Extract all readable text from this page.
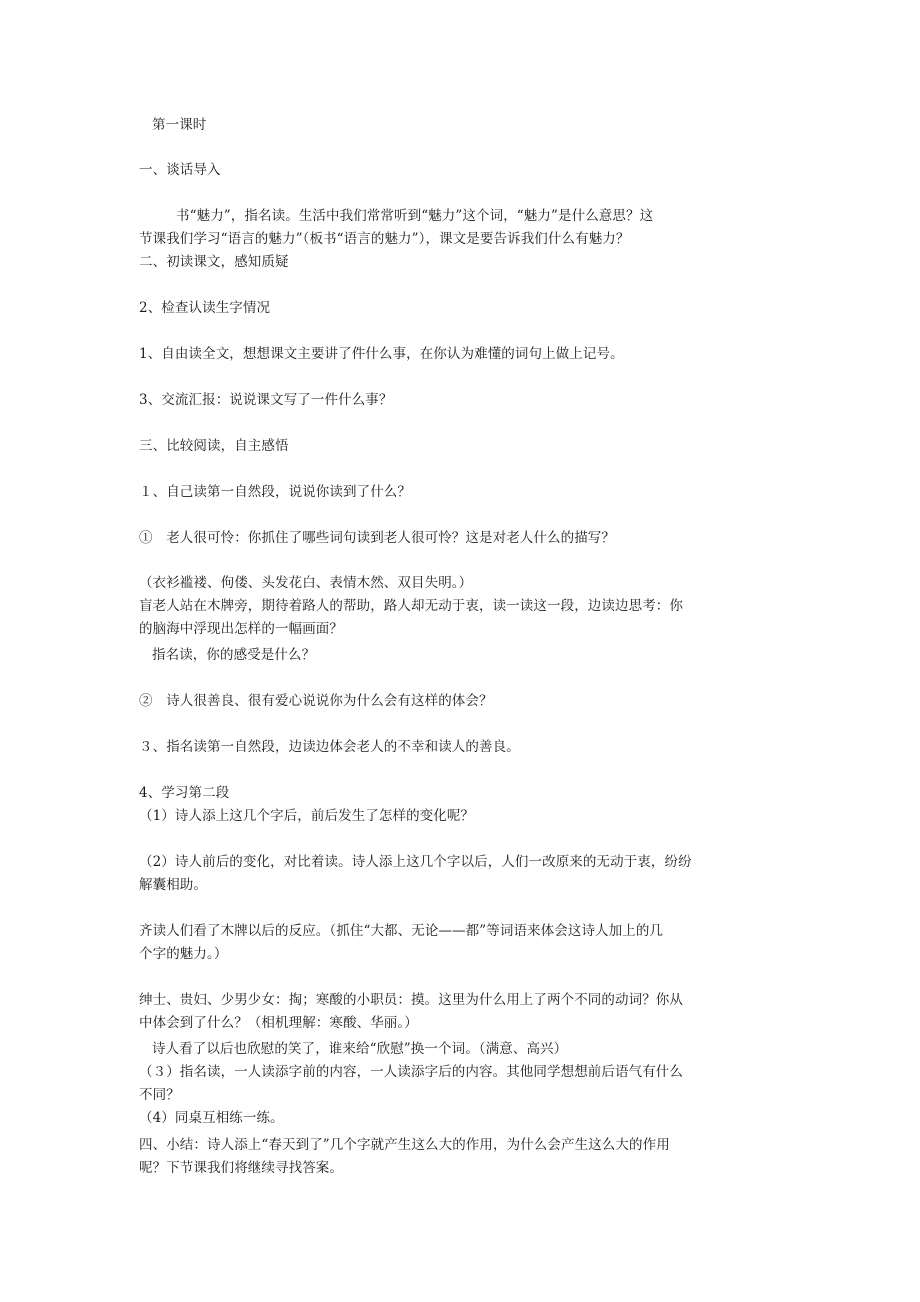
第一课时
一、谈话导入
书“魅力”，指名读。生活中我们常常听到“魅力”这个词，“魅力”是什么意思？这
节课我们学习“语言的魅力”（板书“语言的魅力”），课文是要告诉我们什么有魅力？
二、初读课文，感知质疑
2、检查认读生字情况
1、自由读全文，想想课文主要讲了件什么事，在你认为难懂的词句上做上记号。
3、交流汇报：说说课文写了一件什么事？
三、比较阅读，自主感悟
１、自己读第一自然段，说说你读到了什么？
①　老人很可怜：你抓住了哪些词句读到老人很可怜？这是对老人什么的描写？
（衣衫褴褛、佝偻、头发花白、表情木然、双目失明。）
盲老人站在木牌旁，期待着路人的帮助，路人却无动于衷，读一读这一段，边读边思考：你
的脑海中浮现出怎样的一幅画面？
指名读，你的感受是什么？
②　诗人很善良、很有爱心说说你为什么会有这样的体会？
３、指名读第一自然段，边读边体会老人的不幸和读人的善良。
4、学习第二段
（1）诗人添上这几个字后，前后发生了怎样的变化呢？
（2）诗人前后的变化，对比着读。诗人添上这几个字以后，人们一改原来的无动于衷，纷纷
解囊相助。
齐读人们看了木牌以后的反应。（抓住“大都、无论——都”等词语来体会这诗人加上的几
个字的魅力。）
绅士、贵妇、少男少女：掏；寒酸的小职员：摸。这里为什么用上了两个不同的动词？你从
中体会到了什么？（相机理解：寒酸、华丽。）
诗人看了以后也欣慰的笑了，谁来给“欣慰”换一个词。（满意、高兴）
（３）指名读，一人读添字前的内容，一人读添字后的内容。其他同学想想前后语气有什么
不同？
（4）同桌互相练一练。
四、小结：诗人添上“春天到了”几个字就产生这么大的作用，为什么会产生这么大的作用
呢？下节课我们将继续寻找答案。
